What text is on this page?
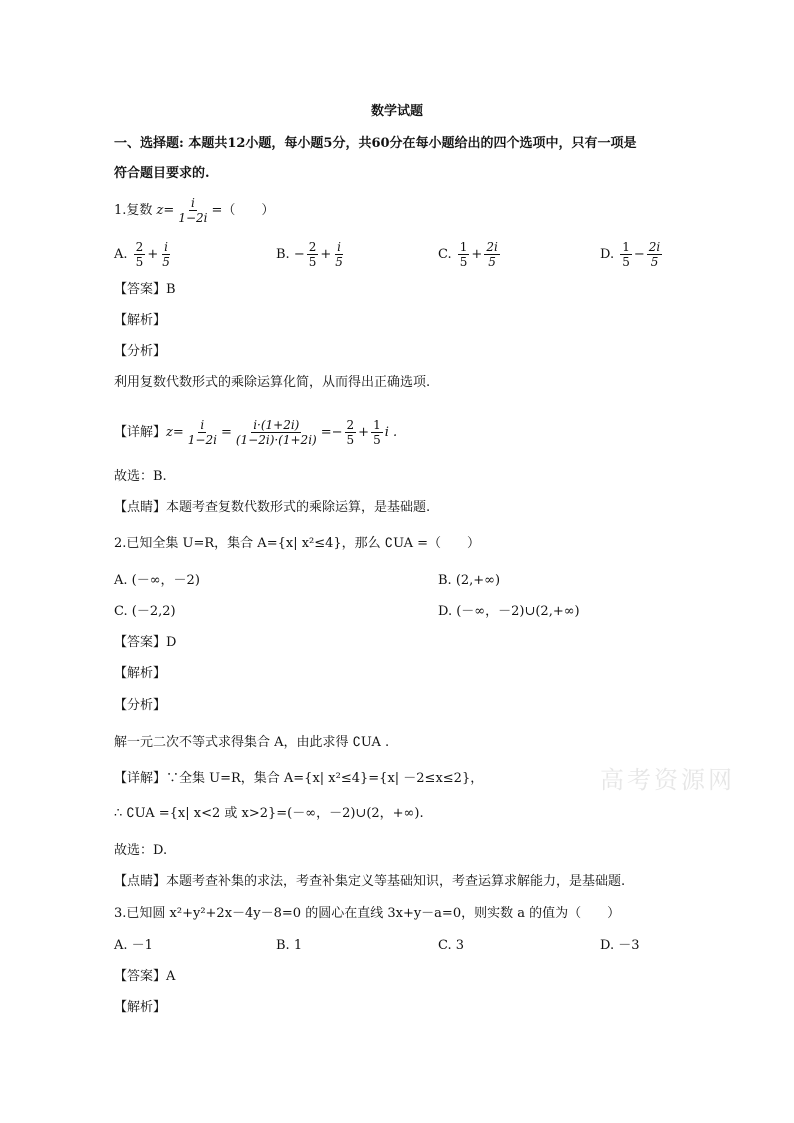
数学试题
一、选择题: 本题共12小题，每小题5分，共60分在每小题给出的四个选项中，只有一项是
符合题目要求的.
1.复数 $z= \frac{i}{1-2i}$ =（　　）
A. $\frac{2}{5} + \frac{i}{5}$	B. − $\frac{2}{5} + \frac{i}{5}$	C. $\frac{1}{5} + \frac{2i}{5}$	D. $\frac{1}{5} - \frac{2i}{5}$
【答案】B
【解析】
【分析】
利用复数代数形式的乘除运算化简，从而得出正确选项.
【详解】$z= \frac{i}{1-2i} = \frac{i\cdot(1+2i)}{(1-2i)\cdot(1+2i)} =- \frac{2}{5} + \frac{1}{5}$ i .
故选：B.
【点睛】本题考查复数代数形式的乘除运算，是基础题.
2.已知全集 U=R，集合 A={x| x²≤4}，那么 ∁UA =（　　）
A. (－∞，－2)	B. (2,+∞)
C. (－2,2)	D. (－∞，－2)∪(2,+∞)
【答案】D
【解析】
【分析】
解一元二次不等式求得集合 A，由此求得 ∁UA .
【详解】∵全集 U=R，集合 A={x| x²≤4}={x| －2≤x≤2}，
∴ ∁UA ={x| x<2 或 x>2}=(－∞，－2)∪(2，+∞).
故选：D.
【点睛】本题考查补集的求法，考查补集定义等基础知识，考查运算求解能力，是基础题.
3.已知圆 x²+y²+2x－4y－8=0 的圆心在直线 3x+y－a=0，则实数 a 的值为（　　）
A. －1	B. 1	C. 3	D. －3
【答案】A
【解析】
高考资源网
